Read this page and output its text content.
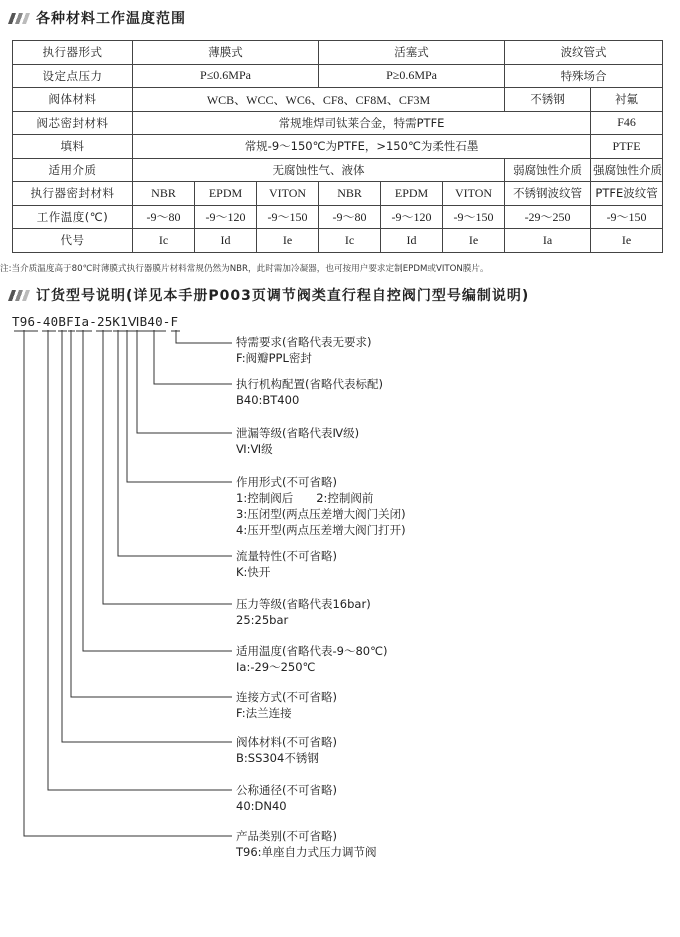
各种材料工作温度范围
执行器形式	薄膜式			活塞式			波纹管式	
设定点压力	P≤0.6MPa			P≥0.6MPa			特殊场合	
阀体材料	WCB、WCC、WC6、CF8、CF8M、CF3M						不锈钢	衬氟
阀芯密封材料	常规堆焊司钛莱合金，特需PTFE							F46
填料	常规-9～150℃为PTFE，>150℃为柔性石墨							PTFE
适用介质	无腐蚀性气、液体						弱腐蚀性介质	强腐蚀性介质
执行器密封材料	NBR	EPDM	VITON	NBR	EPDM	VITON	不锈钢波纹管	PTFE波纹管
工作温度(℃)	-9～80	-9～120	-9～150	-9～80	-9～120	-9～150	-29～250	-9～150
代号	Ic	Id	Ie	Ic	Id	Ie	Ia	Ie
注:当介质温度高于80℃时薄膜式执行器膜片材料常规仍然为NBR，此时需加冷凝器，也可按用户要求定制EPDM或VITON膜片。
订货型号说明(详见本手册P003页调节阀类直行程自控阀门型号编制说明)
T96-40BFIa-25K1ⅥB40-F
特需要求(省略代表无要求)
F:阀瓣PPL密封
执行机构配置(省略代表标配)
B40:BT400
泄漏等级(省略代表Ⅳ级)
Ⅵ:Ⅵ级
作用形式(不可省略)
1:控制阀后　　2:控制阀前
3:压闭型(两点压差增大阀门关闭)
4:压开型(两点压差增大阀门打开)
流量特性(不可省略)
K:快开
压力等级(省略代表16bar)
25:25bar
适用温度(省略代表-9～80℃)
Ia:-29～250℃
连接方式(不可省略)
F:法兰连接
阀体材料(不可省略)
B:SS304不锈钢
公称通径(不可省略)
40:DN40
产品类别(不可省略)
T96:单座自力式压力调节阀
